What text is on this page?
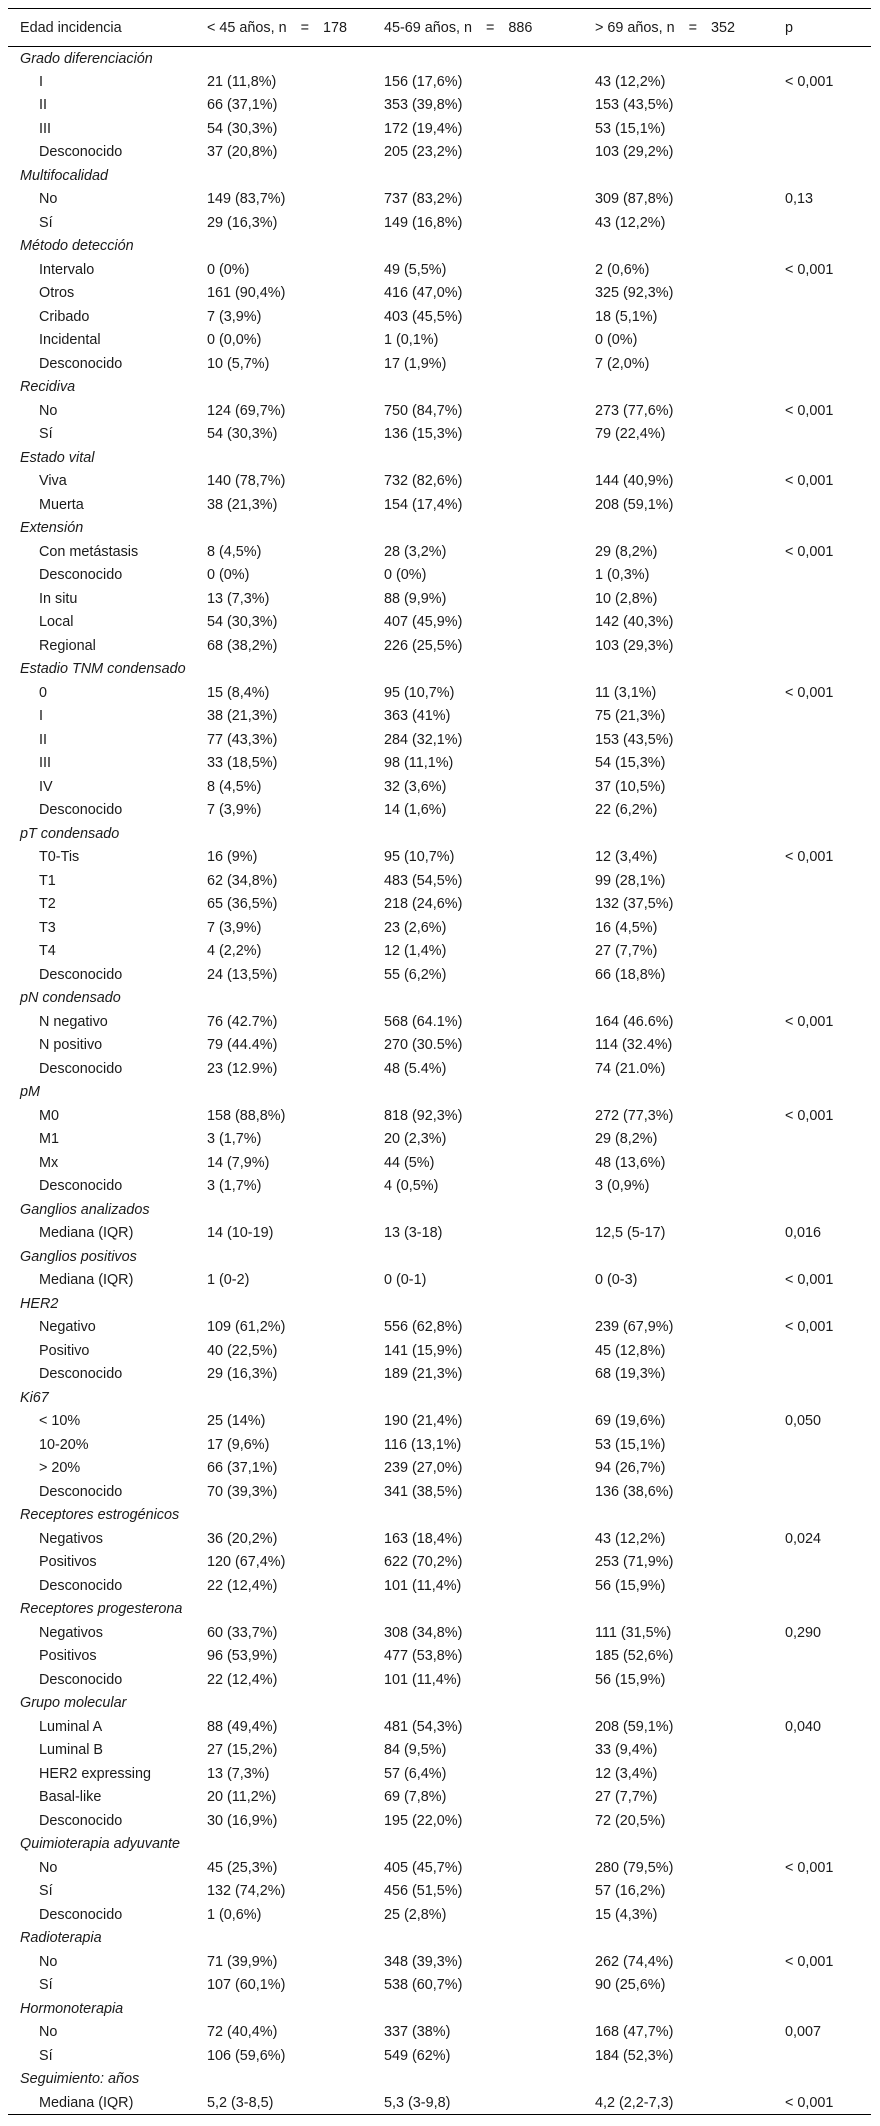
Edad incidencia	< 45 años, n = 178	45-69 años, n = 886	> 69 años, n = 352	p
Grado diferenciación				
I	21 (11,8%)	156 (17,6%)	43 (12,2%)	< 0,001
II	66 (37,1%)	353 (39,8%)	153 (43,5%)	
III	54 (30,3%)	172 (19,4%)	53 (15,1%)	
Desconocido	37 (20,8%)	205 (23,2%)	103 (29,2%)	
Multifocalidad				
No	149 (83,7%)	737 (83,2%)	309 (87,8%)	0,13
Sí	29 (16,3%)	149 (16,8%)	43 (12,2%)	
Método detección				
Intervalo	0 (0%)	49 (5,5%)	2 (0,6%)	< 0,001
Otros	161 (90,4%)	416 (47,0%)	325 (92,3%)	
Cribado	7 (3,9%)	403 (45,5%)	18 (5,1%)	
Incidental	0 (0,0%)	1 (0,1%)	0 (0%)	
Desconocido	10 (5,7%)	17 (1,9%)	7 (2,0%)	
Recidiva				
No	124 (69,7%)	750 (84,7%)	273 (77,6%)	< 0,001
Sí	54 (30,3%)	136 (15,3%)	79 (22,4%)	
Estado vital				
Viva	140 (78,7%)	732 (82,6%)	144 (40,9%)	< 0,001
Muerta	38 (21,3%)	154 (17,4%)	208 (59,1%)	
Extensión				
Con metástasis	8 (4,5%)	28 (3,2%)	29 (8,2%)	< 0,001
Desconocido	0 (0%)	0 (0%)	1 (0,3%)	
In situ	13 (7,3%)	88 (9,9%)	10 (2,8%)	
Local	54 (30,3%)	407 (45,9%)	142 (40,3%)	
Regional	68 (38,2%)	226 (25,5%)	103 (29,3%)	
Estadio TNM condensado				
0	15 (8,4%)	95 (10,7%)	11 (3,1%)	< 0,001
I	38 (21,3%)	363 (41%)	75 (21,3%)	
II	77 (43,3%)	284 (32,1%)	153 (43,5%)	
III	33 (18,5%)	98 (11,1%)	54 (15,3%)	
IV	8 (4,5%)	32 (3,6%)	37 (10,5%)	
Desconocido	7 (3,9%)	14 (1,6%)	22 (6,2%)	
pT condensado				
T0-Tis	16 (9%)	95 (10,7%)	12 (3,4%)	< 0,001
T1	62 (34,8%)	483 (54,5%)	99 (28,1%)	
T2	65 (36,5%)	218 (24,6%)	132 (37,5%)	
T3	7 (3,9%)	23 (2,6%)	16 (4,5%)	
T4	4 (2,2%)	12 (1,4%)	27 (7,7%)	
Desconocido	24 (13,5%)	55 (6,2%)	66 (18,8%)	
pN condensado				
N negativo	76 (42.7%)	568 (64.1%)	164 (46.6%)	< 0,001
N positivo	79 (44.4%)	270 (30.5%)	114 (32.4%)	
Desconocido	23 (12.9%)	48 (5.4%)	74 (21.0%)	
pM				
M0	158 (88,8%)	818 (92,3%)	272 (77,3%)	< 0,001
M1	3 (1,7%)	20 (2,3%)	29 (8,2%)	
Mx	14 (7,9%)	44 (5%)	48 (13,6%)	
Desconocido	3 (1,7%)	4 (0,5%)	3 (0,9%)	
Ganglios analizados				
Mediana (IQR)	14 (10-19)	13 (3-18)	12,5 (5-17)	0,016
Ganglios positivos				
Mediana (IQR)	1 (0-2)	0 (0-1)	0 (0-3)	< 0,001
HER2				
Negativo	109 (61,2%)	556 (62,8%)	239 (67,9%)	< 0,001
Positivo	40 (22,5%)	141 (15,9%)	45 (12,8%)	
Desconocido	29 (16,3%)	189 (21,3%)	68 (19,3%)	
Ki67				
< 10%	25 (14%)	190 (21,4%)	69 (19,6%)	0,050
10-20%	17 (9,6%)	116 (13,1%)	53 (15,1%)	
> 20%	66 (37,1%)	239 (27,0%)	94 (26,7%)	
Desconocido	70 (39,3%)	341 (38,5%)	136 (38,6%)	
Receptores estrogénicos				
Negativos	36 (20,2%)	163 (18,4%)	43 (12,2%)	0,024
Positivos	120 (67,4%)	622 (70,2%)	253 (71,9%)	
Desconocido	22 (12,4%)	101 (11,4%)	56 (15,9%)	
Receptores progesterona				
Negativos	60 (33,7%)	308 (34,8%)	111 (31,5%)	0,290
Positivos	96 (53,9%)	477 (53,8%)	185 (52,6%)	
Desconocido	22 (12,4%)	101 (11,4%)	56 (15,9%)	
Grupo molecular				
Luminal A	88 (49,4%)	481 (54,3%)	208 (59,1%)	0,040
Luminal B	27 (15,2%)	84 (9,5%)	33 (9,4%)	
HER2 expressing	13 (7,3%)	57 (6,4%)	12 (3,4%)	
Basal-like	20 (11,2%)	69 (7,8%)	27 (7,7%)	
Desconocido	30 (16,9%)	195 (22,0%)	72 (20,5%)	
Quimioterapia adyuvante				
No	45 (25,3%)	405 (45,7%)	280 (79,5%)	< 0,001
Sí	132 (74,2%)	456 (51,5%)	57 (16,2%)	
Desconocido	1 (0,6%)	25 (2,8%)	15 (4,3%)	
Radioterapia				
No	71 (39,9%)	348 (39,3%)	262 (74,4%)	< 0,001
Sí	107 (60,1%)	538 (60,7%)	90 (25,6%)	
Hormonoterapia				
No	72 (40,4%)	337 (38%)	168 (47,7%)	0,007
Sí	106 (59,6%)	549 (62%)	184 (52,3%)	
Seguimiento: años				
Mediana (IQR)	5,2 (3-8,5)	5,3 (3-9,8)	4,2 (2,2-7,3)	< 0,001
